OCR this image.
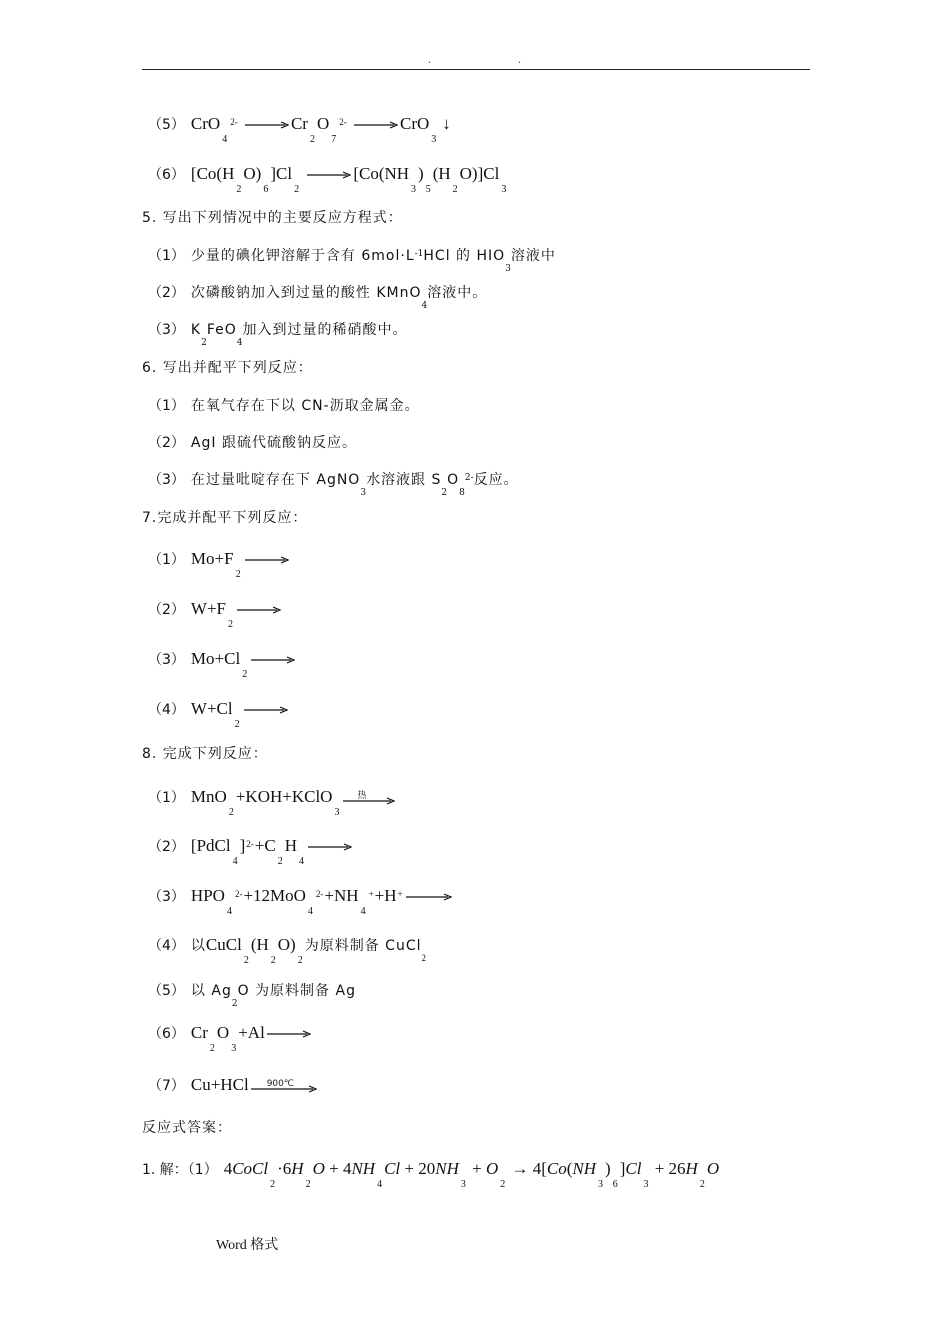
.	.
（5） CrO$_4^{2-}$	$Cr_2O_7^{2-}$	CrO$_3$↓
（6） $[Co(H_2O)_6]Cl_2$
$[Co(NH_3)_5(H_2O)]Cl_3$
5. 写出下列情况中的主要反应方程式：
（1） 少量的碘化钾溶解于含有 $6mol\cdot L^{-1}HCl$ 的 $HIO_3$溶液中
（2） 次磷酸钠加入到过量的酸性 KMnO$_4$溶液中。
（3） $K_2FeO_4$加入到过量的稀硝酸中。
6. 写出并配平下列反应：
（1） 在氧气存在下以 CN-沥取金属金。
（2） AgI 跟硫代硫酸钠反应。
（3） 在过量吡啶存在下 AgNO$_3$水溶液跟 $S_2O_8^{2-}$反应。
7.完成并配平下列反应：
（1） $Mo+F_2$
（2） $W+F_2$
（3） $Mo+Cl_2$
（4） $W+Cl_2$
8. 完成下列反应：
（1） MnO$_2$+KOH+KClO$_3$
热
（2） $[PdCl_4]^{2-}+C_2H_4$
（3） $HPO_4^{2-}+12MoO_4^{2-}+NH_4^++H^+$
（4） 以$CuCl_2(H_2O)_2$为原料制备 CuCl$_2$
（5） 以 $Ag_2O$ 为原料制备 Ag
（6） $Cr_2O_3+Al$
（7） Cu+HCl 900℃
反应式答案：
1. 解：（1） $4CoCl_2\cdot 6H_2O + 4NH_4Cl + 20NH_3 + O_2 \to 4[Co(NH_3)_6]Cl_3 + 26H_2O$
Word 格式
